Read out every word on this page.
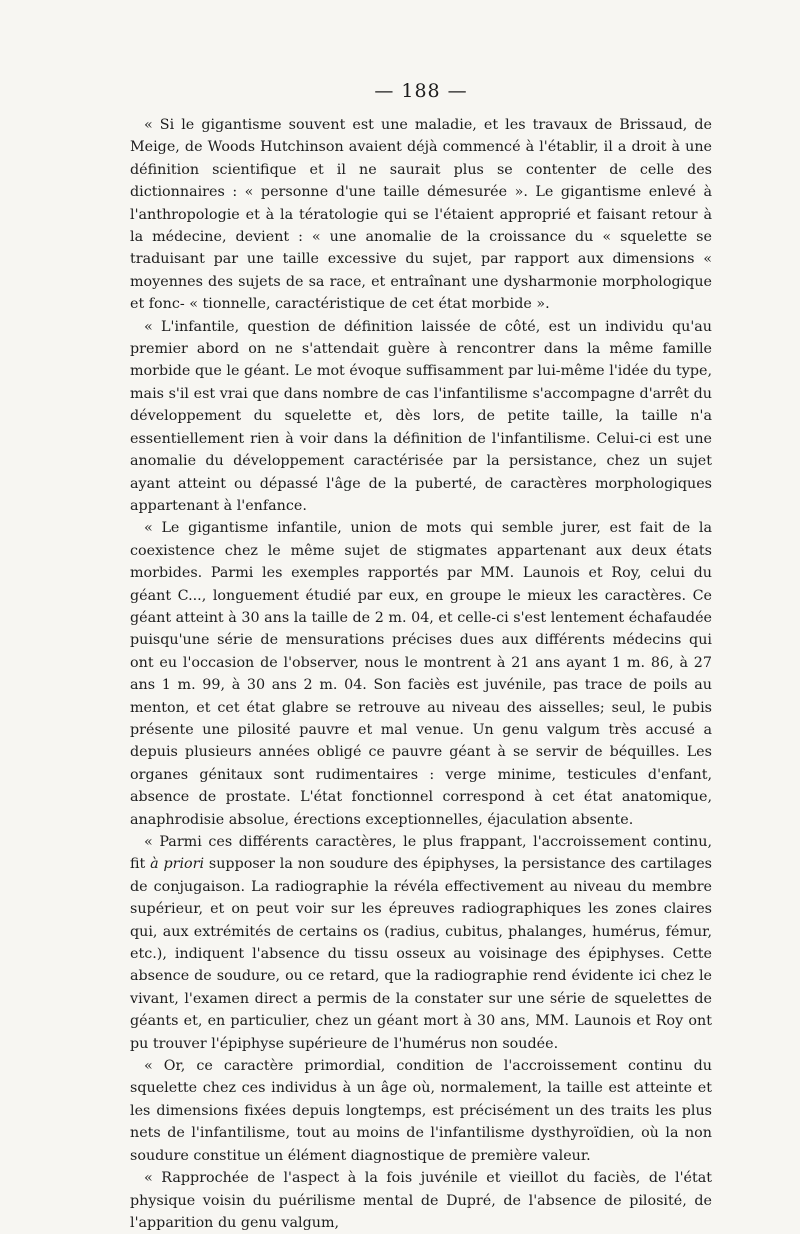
— 188 —

« Si le gigantisme souvent est une maladie, et les travaux de Brissaud, de Meige, de Woods Hutchinson avaient déjà commencé à l'établir, il a droit à une définition scientifique et il ne saurait plus se contenter de celle des dictionnaires : « personne d'une taille démesurée ». Le gigantisme enlevé à l'anthropologie et à la tératologie qui se l'étaient approprié et faisant retour à la médecine, devient : « une anomalie de la croissance du « squelette se traduisant par une taille excessive du sujet, par rapport aux dimensions « moyennes des sujets de sa race, et entraînant une dysharmonie morphologique et fonc- « tionnelle, caractéristique de cet état morbide ».

« L'infantile, question de définition laissée de côté, est un individu qu'au premier abord on ne s'attendait guère à rencontrer dans la même famille morbide que le géant. Le mot évoque suffisamment par lui-même l'idée du type, mais s'il est vrai que dans nombre de cas l'infantilisme s'accompagne d'arrêt du développement du squelette et, dès lors, de petite taille, la taille n'a essentiellement rien à voir dans la définition de l'infantilisme. Celui-ci est une anomalie du développement caractérisée par la persistance, chez un sujet ayant atteint ou dépassé l'âge de la puberté, de caractères morphologiques appartenant à l'enfance.

« Le gigantisme infantile, union de mots qui semble jurer, est fait de la coexistence chez le même sujet de stigmates appartenant aux deux états morbides. Parmi les exemples rapportés par MM. Launois et Roy, celui du géant C..., longuement étudié par eux, en groupe le mieux les caractères. Ce géant atteint à 30 ans la taille de 2 m. 04, et celle-ci s'est lentement échafaudée puisqu'une série de mensurations précises dues aux différents médecins qui ont eu l'occasion de l'observer, nous le montrent à 21 ans ayant 1 m. 86, à 27 ans 1 m. 99, à 30 ans 2 m. 04. Son faciès est juvénile, pas trace de poils au menton, et cet état glabre se retrouve au niveau des aisselles; seul, le pubis présente une pilosité pauvre et mal venue. Un genu valgum très accusé a depuis plusieurs années obligé ce pauvre géant à se servir de béquilles. Les organes génitaux sont rudimentaires : verge minime, testicules d'enfant, absence de prostate. L'état fonctionnel correspond à cet état anatomique, anaphrodisie absolue, érections exceptionnelles, éjaculation absente.

« Parmi ces différents caractères, le plus frappant, l'accroissement continu, fit à priori supposer la non soudure des épiphyses, la persistance des cartilages de conjugaison. La radiographie la révéla effectivement au niveau du membre supérieur, et on peut voir sur les épreuves radiographiques les zones claires qui, aux extrémités de certains os (radius, cubitus, phalanges, humérus, fémur, etc.), indiquent l'absence du tissu osseux au voisinage des épiphyses. Cette absence de soudure, ou ce retard, que la radiographie rend évidente ici chez le vivant, l'examen direct a permis de la constater sur une série de squelettes de géants et, en particulier, chez un géant mort à 30 ans, MM. Launois et Roy ont pu trouver l'épiphyse supérieure de l'humérus non soudée.

« Or, ce caractère primordial, condition de l'accroissement continu du squelette chez ces individus à un âge où, normalement, la taille est atteinte et les dimensions fixées depuis longtemps, est précisément un des traits les plus nets de l'infantilisme, tout au moins de l'infantilisme dysthyroïdien, où la non soudure constitue un élément diagnostique de première valeur.

« Rapprochée de l'aspect à la fois juvénile et vieillot du faciès, de l'état physique voisin du puérilisme mental de Dupré, de l'absence de pilosité, de l'apparition du genu valgum,
